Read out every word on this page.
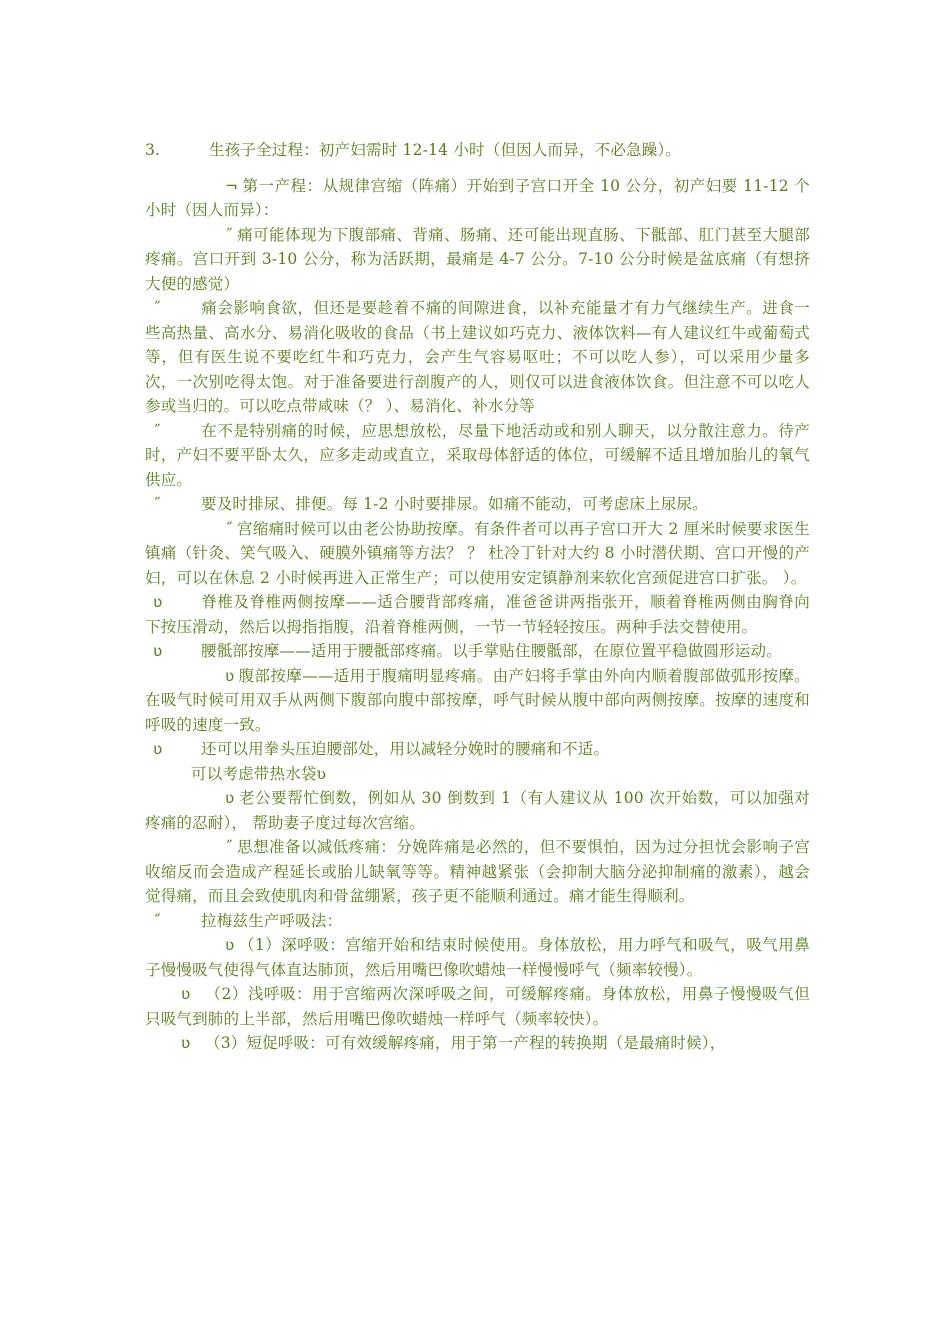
3.	生孩子全过程：初产妇需时 12-14 小时（但因人而异，不必急躁）。
¬ 第一产程：从规律宫缩（阵痛）开始到子宫口开全 10 公分，初产妇要 11-12 个小时（因人而异）：
˝ 痛可能体现为下腹部痛、背痛、肠痛、还可能出现直肠、下骶部、肛门甚至大腿部疼痛。宫口开到 3-10 公分，称为活跃期，最痛是 4-7 公分。7-10 公分时候是盆底痛（有想挤大便的感觉）
˝	痛会影响食欲，但还是要趁着不痛的间隙进食，以补充能量才有力气继续生产。进食一些高热量、高水分、易消化吸收的食品（书上建议如巧克力、液体饮料—有人建议红牛或葡萄式等，但有医生说不要吃红牛和巧克力，会产生气容易呕吐；不可以吃人参），可以采用少量多次，一次别吃得太饱。对于准备要进行剖腹产的人，则仅可以进食液体饮食。但注意不可以吃人参或当归的。可以吃点带咸味（？ ）、易消化、补水分等
˝	在不是特别痛的时候，应思想放松，尽量下地活动或和别人聊天，以分散注意力。待产时，产妇不要平卧太久，应多走动或直立，采取母体舒适的体位，可缓解不适且增加胎儿的氧气供应。
˝	要及时排尿、排便。每 1-2 小时要排尿。如痛不能动，可考虑床上尿尿。
˝ 宫缩痛时候可以由老公协助按摩。有条件者可以再子宫口开大 2 厘米时候要求医生镇痛（针灸、笑气吸入、硬膜外镇痛等方法？ ？ 杜冷丁针对大约 8 小时潜伏期、宫口开慢的产妇，可以在休息 2 小时候再进入正常生产；可以使用安定镇静剂来软化宫颈促进宫口扩张。 ）。
ʋ 脊椎及脊椎两侧按摩——适合腰背部疼痛，准爸爸讲两指张开，顺着脊椎两侧由胸脊向下按压滑动，然后以拇指指腹，沿着脊椎两侧，一节一节轻轻按压。两种手法交替使用。
ʋ 腰骶部按摩——适用于腰骶部疼痛。以手掌贴住腰骶部，在原位置平稳做圆形运动。
ʋ 腹部按摩——适用于腹痛明显疼痛。由产妇将手掌由外向内顺着腹部做弧形按摩。在吸气时候可用双手从两侧下腹部向腹中部按摩，呼气时候从腹中部向两侧按摩。按摩的速度和呼吸的速度一致。
ʋ 还可以用拳头压迫腰部处，用以减轻分娩时的腰痛和不适。
可以考虑带热水袋ʋ
ʋ 老公要帮忙倒数，例如从 30 倒数到 1（有人建议从 100 次开始数，可以加强对疼痛的忍耐）， 帮助妻子度过每次宫缩。
˝ 思想准备以减低疼痛：分娩阵痛是必然的，但不要惧怕，因为过分担忧会影响子宫收缩反而会造成产程延长或胎儿缺氧等等。精神越紧张（会抑制大脑分泌抑制痛的激素），越会觉得痛，而且会致使肌肉和骨盆绷紧，孩子更不能顺利通过。痛才能生得顺利。
˝	拉梅兹生产呼吸法：
ʋ （1）深呼吸：宫缩开始和结束时候使用。身体放松，用力呼气和吸气，吸气用鼻子慢慢吸气使得气体直达肺顶，然后用嘴巴像吹蜡烛一样慢慢呼气（频率较慢）。
ʋ （2）浅呼吸：用于宫缩两次深呼吸之间，可缓解疼痛。身体放松，用鼻子慢慢吸气但只吸气到肺的上半部，然后用嘴巴像吹蜡烛一样呼气（频率较快）。
ʋ （3）短促呼吸：可有效缓解疼痛，用于第一产程的转换期（是最痛时候），
